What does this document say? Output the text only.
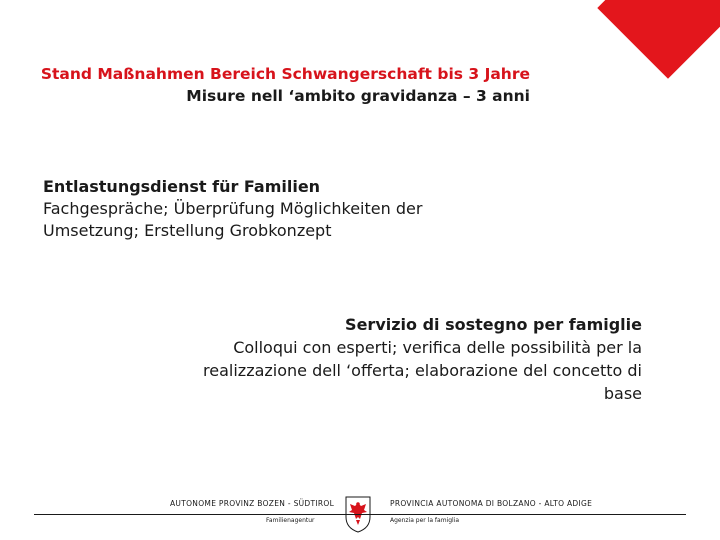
Stand Maßnahmen Bereich Schwangerschaft bis 3 Jahre
Misure nell ‘ambito gravidanza – 3 anni
Entlastungsdienst für Familien
Fachgespräche; Überprüfung Möglichkeiten der Umsetzung; Erstellung Grobkonzept
Servizio di sostegno per famiglie
Colloqui con esperti; verifica delle possibilità per la realizzazione dell ‘offerta; elaborazione del concetto di base
AUTONOME PROVINZ BOZEN - SÜDTIROL
Familienagentur
PROVINCIA AUTONOMA DI BOLZANO - ALTO ADIGE
Agenzia per la famiglia
